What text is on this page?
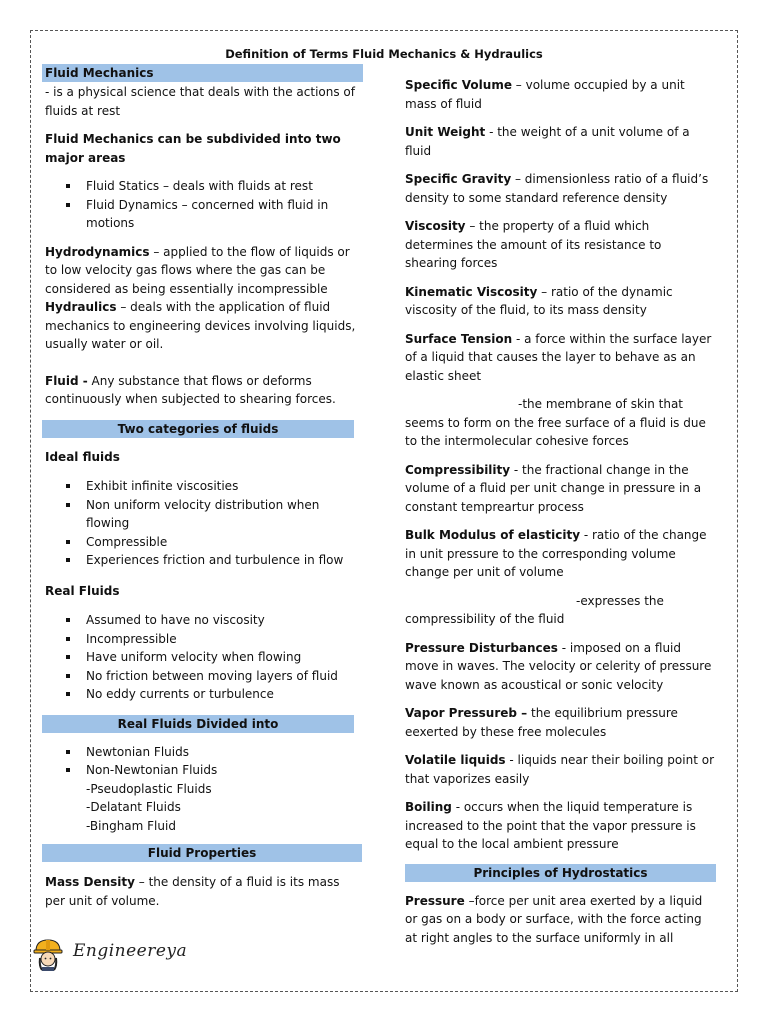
Definition of Terms Fluid Mechanics & Hydraulics
Fluid Mechanics

- is a physical science that deals with the actions of fluids at rest

Fluid Mechanics can be subdivided into two major areas

Fluid Statics – deals with fluids at rest
Fluid Dynamics – concerned with fluid in motions

Hydrodynamics – applied to the flow of liquids or to low velocity gas flows where the gas can be considered as being essentially incompressible

Hydraulics – deals with the application of fluid mechanics to engineering devices involving liquids, usually water or oil.

Fluid - Any substance that flows or deforms continuously when subjected to shearing forces.

Two categories of fluids

Ideal fluids

Exhibit infinite viscosities
Non uniform velocity distribution when flowing
Compressible
Experiences friction and turbulence in flow

Real Fluids

Assumed to have no viscosity
Incompressible
Have uniform velocity when flowing
No friction between moving layers of fluid
No eddy currents or turbulence
Real Fluids Divided into
Newtonian Fluids
Non-Newtonian Fluids

-Pseudoplastic Fluids

-Delatant Fluids

-Bingham Fluid

Fluid Properties

Mass Density – the density of a fluid is its mass per unit of volume.

Specific Volume – volume occupied by a unit mass of fluid

Unit Weight - the weight of a unit volume of a fluid

Specific Gravity – dimensionless ratio of a fluid’s density to some standard reference density

Viscosity – the property of a fluid which determines the amount of its resistance to shearing forces

Kinematic Viscosity – ratio of the dynamic viscosity of the fluid, to its mass density

Surface Tension - a force within the surface layer of a liquid that causes the layer to behave as an elastic sheet

-the membrane of skin that seems to form on the free surface of a fluid is due to the intermolecular cohesive forces

Compressibility - the fractional change in the volume of a fluid per unit change in pressure in a constant tempreartur process

Bulk Modulus of elasticity - ratio of the change in unit pressure to the corresponding volume change per unit of volume

-expresses the compressibility of the fluid

Pressure Disturbances - imposed on a fluid move in waves. The velocity or celerity of pressure wave known as acoustical or sonic velocity

Vapor Pressureb – the equilibrium pressure eexerted by these free molecules

Volatile liquids - liquids near their boiling point or that vaporizes easily

Boiling - occurs when the liquid temperature is increased to the point that the vapor pressure is equal to the local ambient pressure

Principles of Hydrostatics

Pressure –force per unit area exerted by a liquid or gas on a body or surface, with the force acting at right angles to the surface uniformly in all

Engineereya
